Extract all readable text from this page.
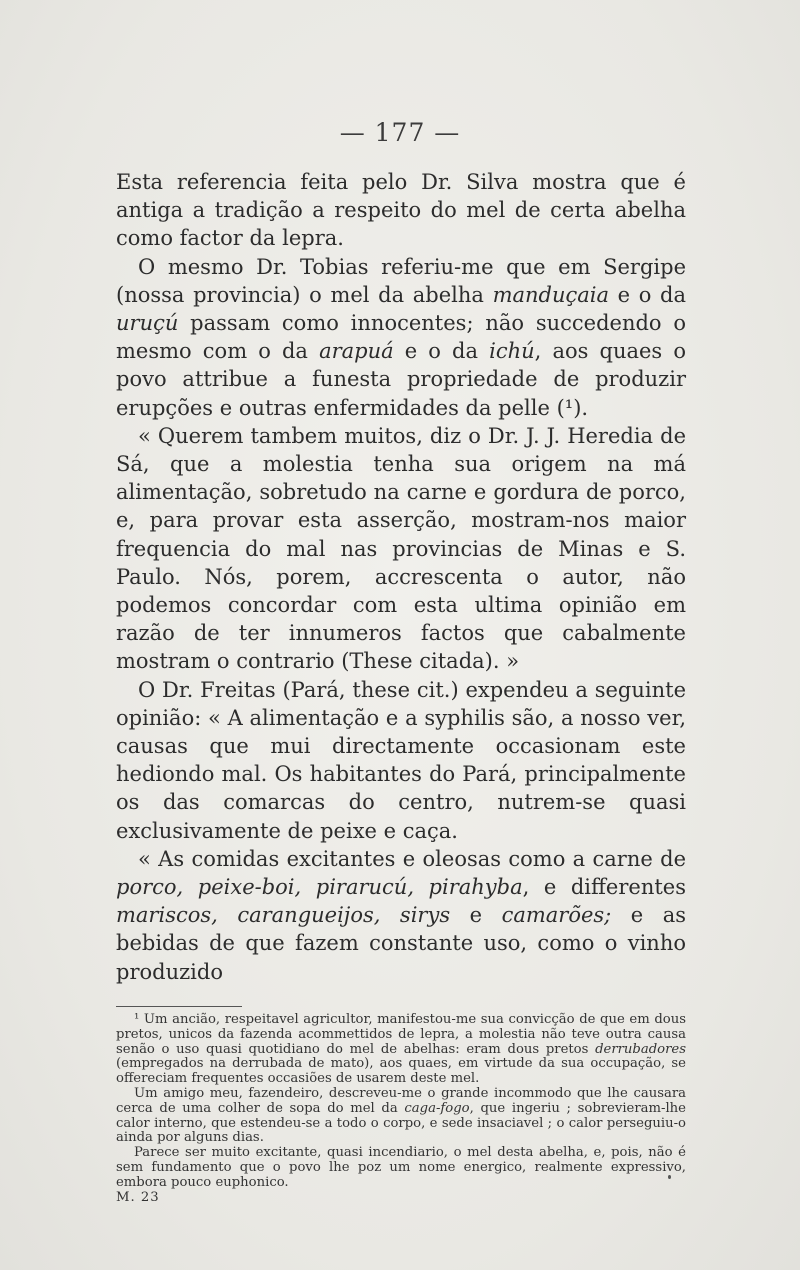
— 177 —

Esta referencia feita pelo Dr. Silva mostra que é antiga a tradição a respeito do mel de certa abelha como factor da lepra.

O mesmo Dr. Tobias referiu-me que em Sergipe (nossa provincia) o mel da abelha manduçaia e o da uruçú passam como innocentes; não succedendo o mesmo com o da arapuá e o da ichú, aos quaes o povo attribue a funesta propriedade de produzir erupções e outras enfermidades da pelle (¹).

« Querem tambem muitos, diz o Dr. J. J. Heredia de Sá, que a molestia tenha sua origem na má alimentação, sobretudo na carne e gordura de porco, e, para provar esta asserção, mostram-nos maior frequencia do mal nas provincias de Minas e S. Paulo. Nós, porem, accrescenta o autor, não podemos concordar com esta ultima opinião em razão de ter innumeros factos que cabalmente mostram o contrario (These citada). »

O Dr. Freitas (Pará, these cit.) expendeu a seguinte opinião: « A alimentação e a syphilis são, a nosso ver, causas que mui directamente occasionam este hediondo mal. Os habitantes do Pará, principalmente os das comarcas do centro, nutrem-se quasi exclusivamente de peixe e caça.

« As comidas excitantes e oleosas como a carne de porco, peixe-boi, pirarucú, pirahyba, e differentes mariscos, carangueijos, sirys e camarões; e as bebidas de que fazem constante uso, como o vinho produzido

¹ Um ancião, respeitavel agricultor, manifestou-me sua convicção de que em dous pretos, unicos da fazenda acommettidos de lepra, a molestia não teve outra causa senão o uso quasi quotidiano do mel de abelhas: eram dous pretos derrubadores (empregados na derrubada de mato), aos quaes, em virtude da sua occupação, se offereciam frequentes occasiões de usarem deste mel.

Um amigo meu, fazendeiro, descreveu-me o grande incommodo que lhe causara cerca de uma colher de sopa do mel da caga-fogo, que ingeriu ; sobrevieram-lhe calor interno, que estendeu-se a todo o corpo, e sede insaciavel ; o calor perseguiu-o ainda por alguns dias.

Parece ser muito excitante, quasi incendiario, o mel desta abelha, e, pois, não é sem fundamento que o povo lhe poz um nome energico, realmente expressivo, embora pouco euphonico.

M. 23
